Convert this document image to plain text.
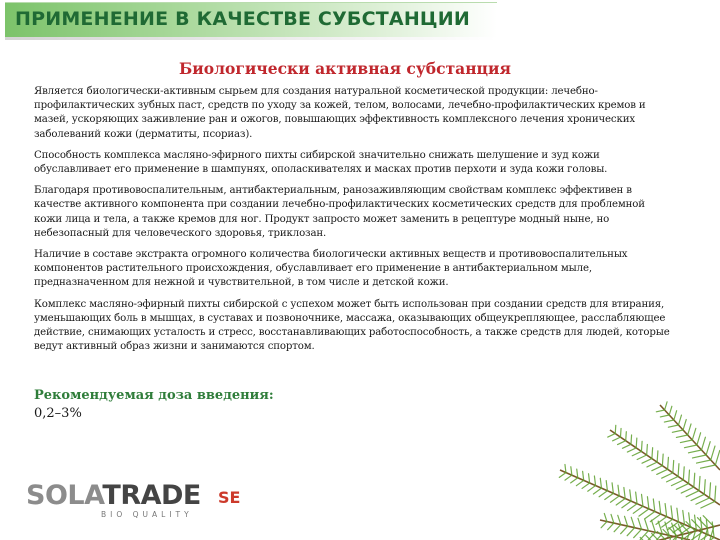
ПРИМЕНЕНИЕ В КАЧЕСТВЕ СУБСТАНЦИИ
Биологически активная субстанция

Является биологически-активным сырьем для создания натуральной косметической продукции: лечебно-профилактических зубных паст, средств по уходу за кожей, телом, волосами, лечебно-профилактических кремов и мазей, ускоряющих заживление ран и ожогов, повышающих эффективность комплексного лечения хронических заболеваний кожи (дерматиты, псориаз).

Способность комплекса масляно-эфирного пихты сибирской значительно снижать шелушение и зуд кожи обуславливает его применение в шампунях, ополаскивателях и масках против перхоти и зуда кожи головы.

Благодаря противовоспалительным, антибактериальным, ранозаживляющим свойствам комплекс эффективен в качестве активного компонента при создании лечебно-профилактических косметических средств для проблемной кожи лица и тела, а также кремов для ног. Продукт запросто может заменить в рецептуре модный ныне, но небезопасный для человеческого здоровья, триклозан.

Наличие в составе экстракта огромного количества биологически активных веществ и противовоспалительных компонентов растительного происхождения, обуславливает его применение в антибактериальном мыле, предназначенном для нежной и чувствительной, в том числе и детской кожи.

Комплекс масляно-эфирный пихты сибирской с успехом может быть использован при создании средств для втирания, уменьшающих боль в мышцах, в суставах и позвоночнике, массажа, оказывающих общеукрепляющее, расслабляющее действие, снимающих усталость и стресс, восстанавливающих работоспособность, а также средств для людей, которые ведут активный образ жизни и занимаются спортом.

Рекомендуемая доза введения:
0,2–3%
SOLATRADE SE
BIO QUALITY
